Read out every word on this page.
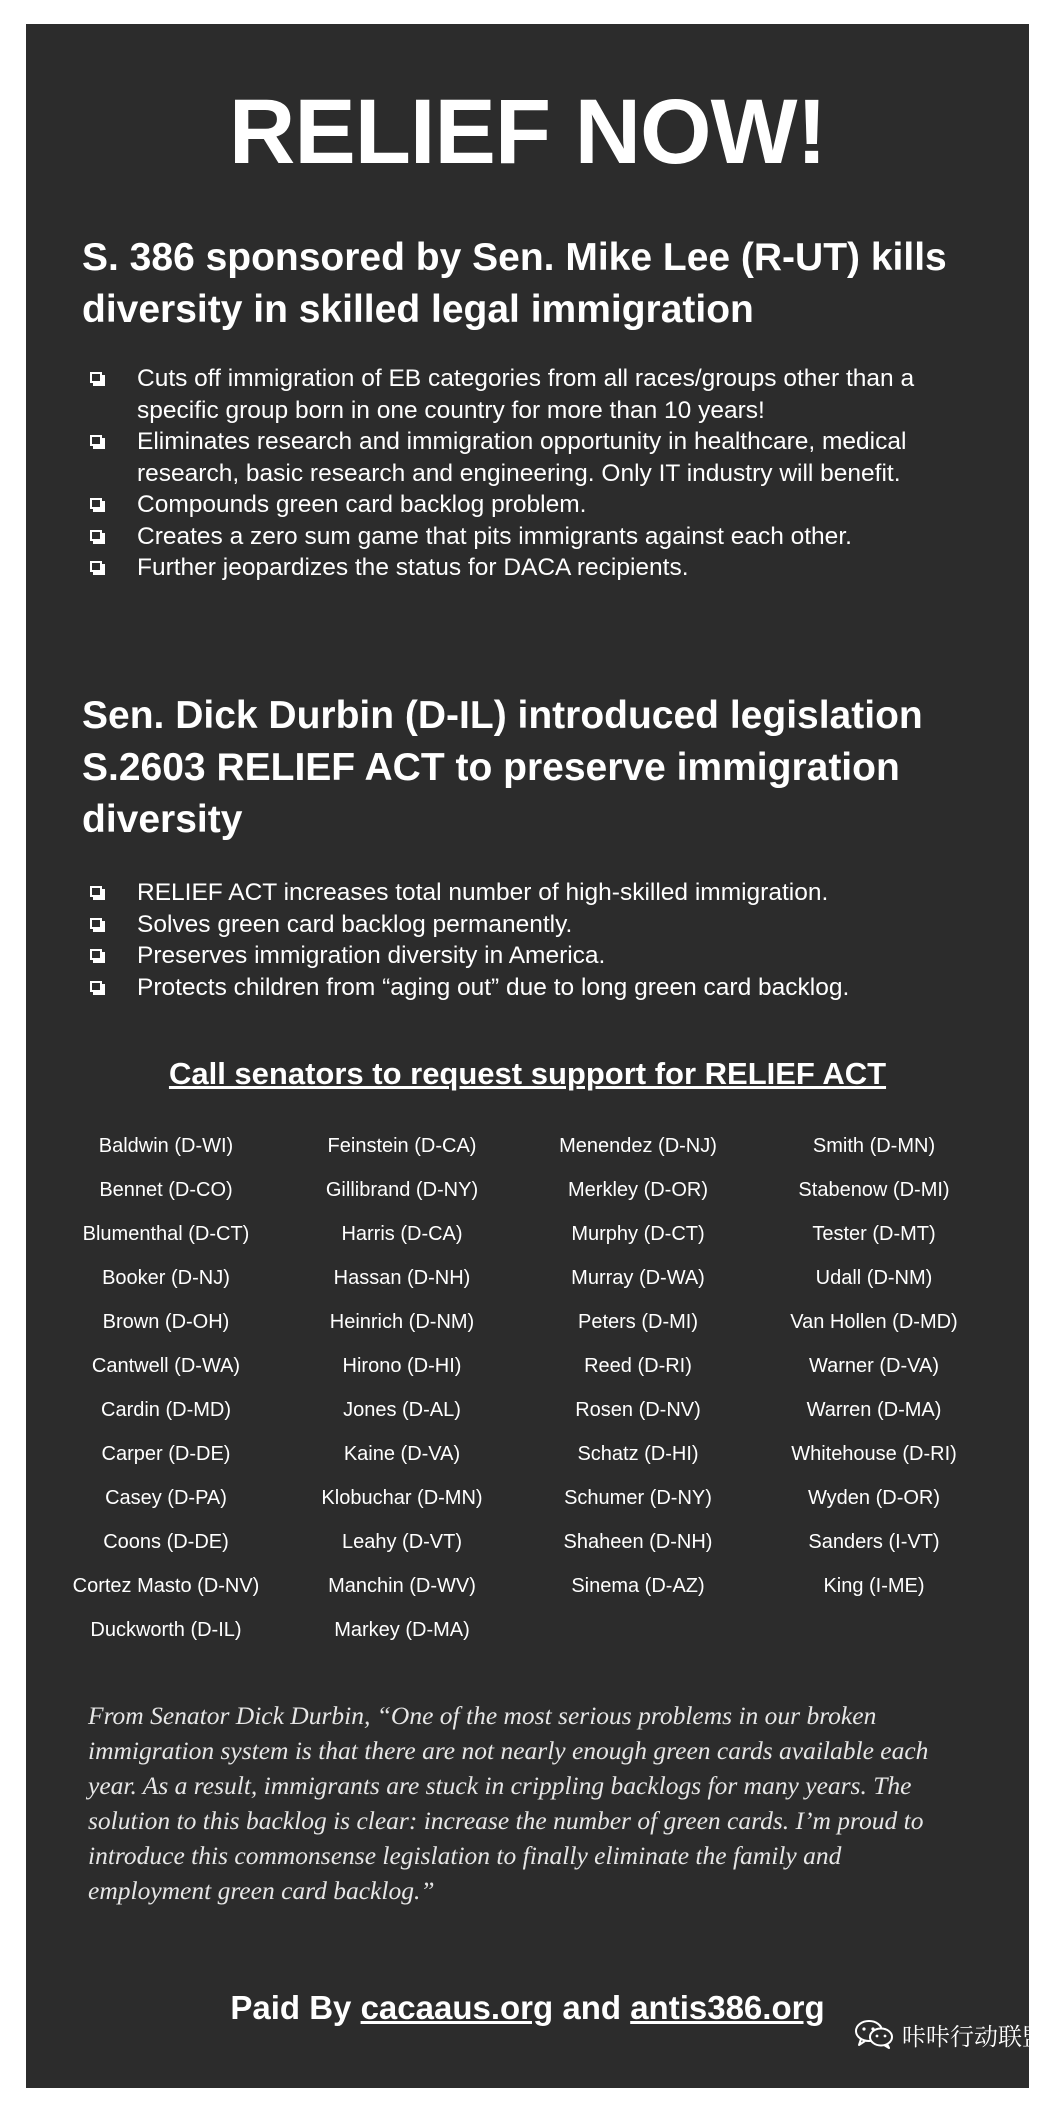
RELIEF NOW!
S. 386 sponsored by Sen. Mike Lee (R-UT) kills diversity in skilled legal immigration
Cuts off immigration of EB categories from all races/groups other than a specific group born in one country for more than 10 years!
Eliminates research and immigration opportunity in healthcare, medical research, basic research and engineering. Only IT industry will benefit.
Compounds green card backlog problem.
Creates a zero sum game that pits immigrants against each other.
Further jeopardizes the status for DACA recipients.
Sen. Dick Durbin (D-IL) introduced legislation S.2603 RELIEF ACT to preserve immigration diversity
RELIEF ACT increases total number of high-skilled immigration.
Solves green card backlog permanently.
Preserves immigration diversity in America.
Protects children from “aging out” due to long green card backlog.
Call senators to request support for RELIEF ACT
Baldwin (D-WI)
Bennet (D-CO)
Blumenthal (D-CT)
Booker (D-NJ)
Brown (D-OH)
Cantwell (D-WA)
Cardin (D-MD)
Carper (D-DE)
Casey (D-PA)
Coons (D-DE)
Cortez Masto (D-NV)
Duckworth (D-IL)
Feinstein (D-CA)
Gillibrand (D-NY)
Harris (D-CA)
Hassan (D-NH)
Heinrich (D-NM)
Hirono (D-HI)
Jones (D-AL)
Kaine (D-VA)
Klobuchar (D-MN)
Leahy (D-VT)
Manchin (D-WV)
Markey (D-MA)
Menendez (D-NJ)
Merkley (D-OR)
Murphy (D-CT)
Murray (D-WA)
Peters (D-MI)
Reed (D-RI)
Rosen (D-NV)
Schatz (D-HI)
Schumer (D-NY)
Shaheen (D-NH)
Sinema (D-AZ)
Smith (D-MN)
Stabenow (D-MI)
Tester (D-MT)
Udall (D-NM)
Van Hollen (D-MD)
Warner (D-VA)
Warren (D-MA)
Whitehouse (D-RI)
Wyden (D-OR)
Sanders (I-VT)
King (I-ME)
From Senator Dick Durbin, “One of the most serious problems in our broken immigration system is that there are not nearly enough green cards available each year. As a result, immigrants are stuck in crippling backlogs for many years. The solution to this backlog is clear: increase the number of green cards. I’m proud to introduce this commonsense legislation to finally eliminate the family and employment green card backlog.”
Paid By cacaaus.org and antis386.org
咔咔行动联盟
